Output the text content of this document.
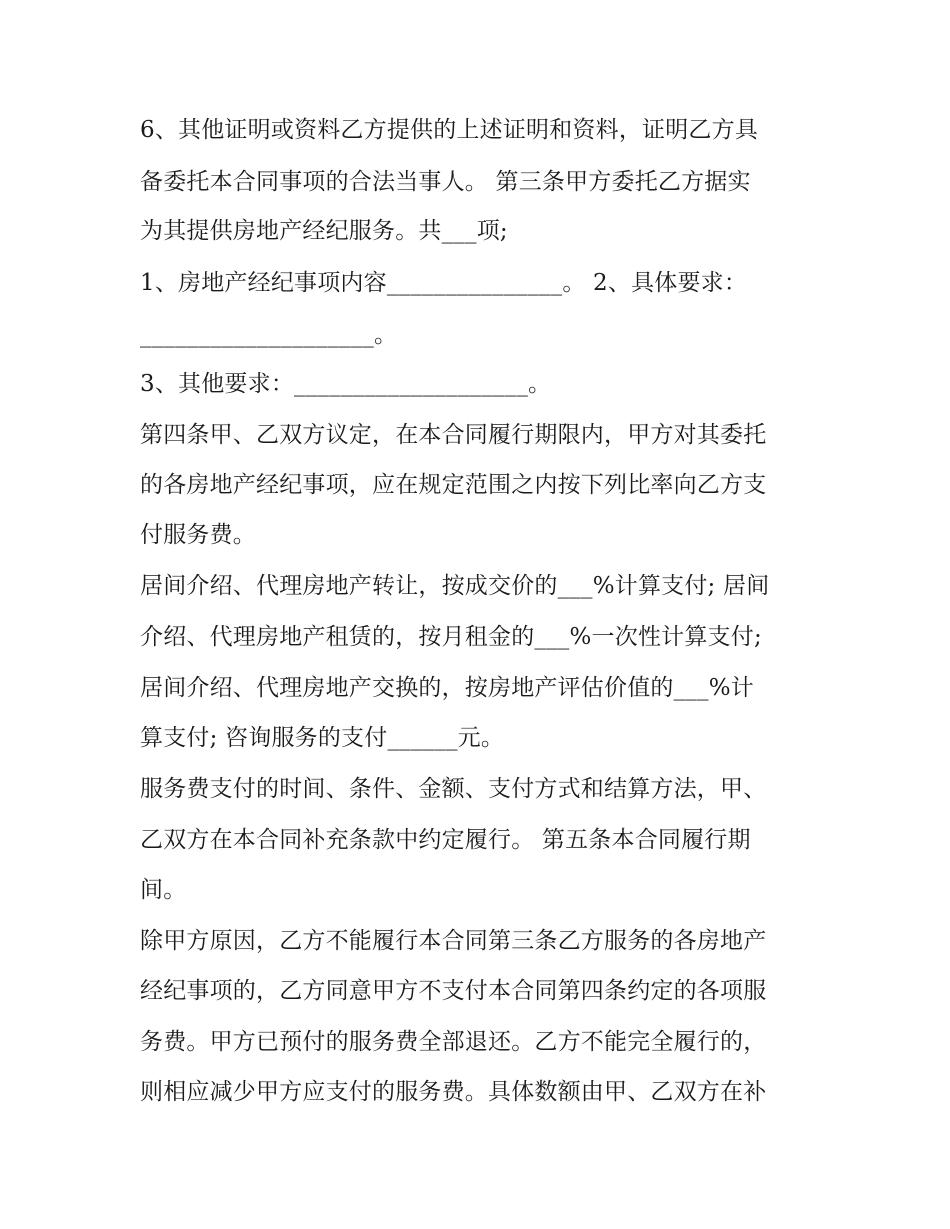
6、其他证明或资料乙方提供的上述证明和资料，证明乙方具
备委托本合同事项的合法当事人。 第三条甲方委托乙方据实
为其提供房地产经纪服务。共___项;
1、房地产经纪事项内容_______________。 2、具体要求：
____________________。
3、其他要求：____________________。
第四条甲、乙双方议定，在本合同履行期限内，甲方对其委托
的各房地产经纪事项，应在规定范围之内按下列比率向乙方支
付服务费。
居间介绍、代理房地产转让，按成交价的___%计算支付; 居间
介绍、代理房地产租赁的，按月租金的___%一次性计算支付;
居间介绍、代理房地产交换的，按房地产评估价值的___%计
算支付; 咨询服务的支付______元。
服务费支付的时间、条件、金额、支付方式和结算方法，甲、
乙双方在本合同补充条款中约定履行。 第五条本合同履行期
间。
除甲方原因，乙方不能履行本合同第三条乙方服务的各房地产
经纪事项的，乙方同意甲方不支付本合同第四条约定的各项服
务费。甲方已预付的服务费全部退还。乙方不能完全履行的，
则相应减少甲方应支付的服务费。具体数额由甲、乙双方在补
